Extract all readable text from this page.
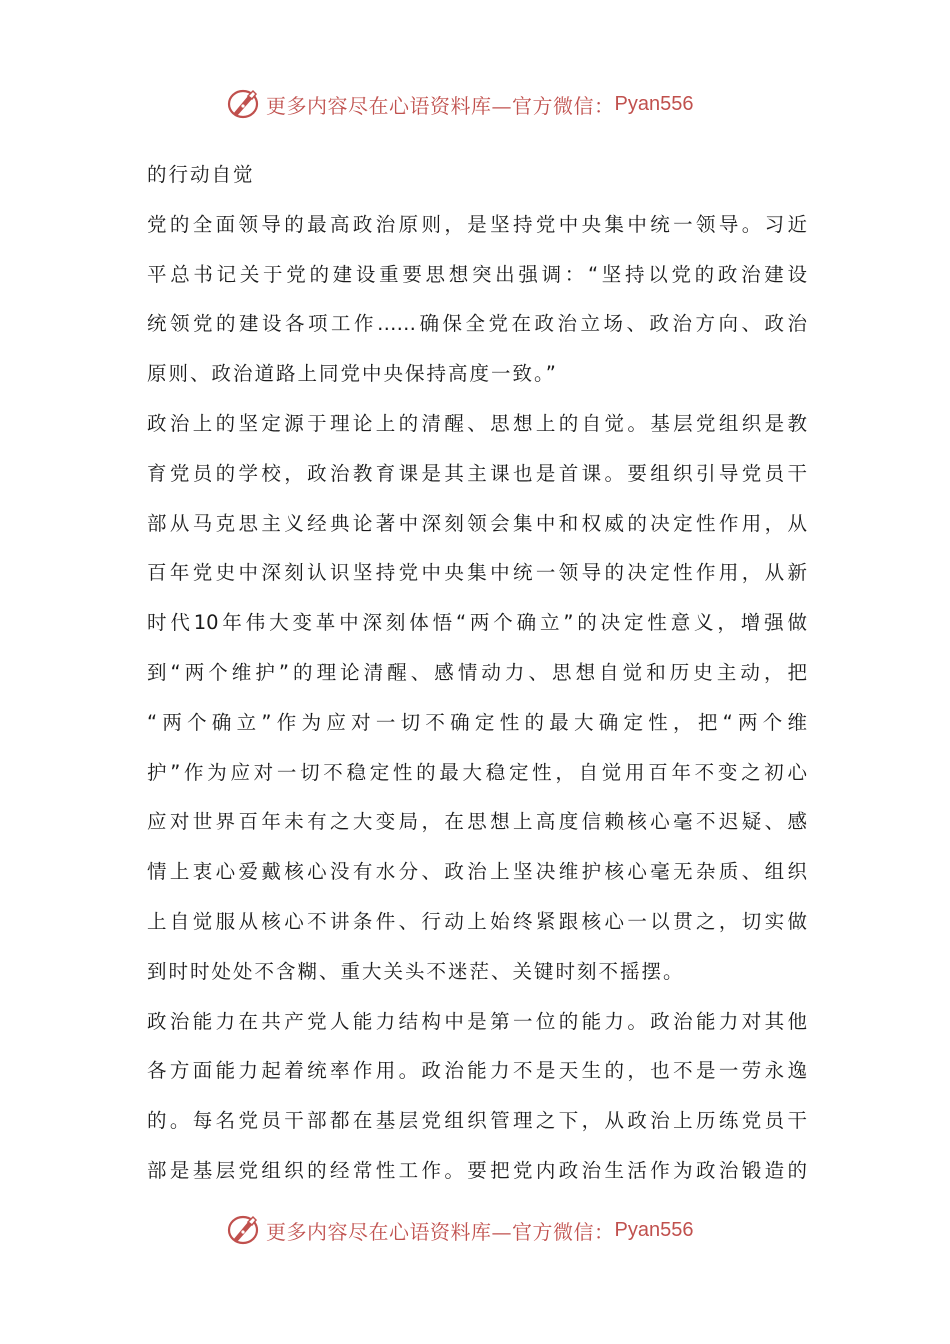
更多内容尽在心语资料库—官方微信： Pyan556
的行动自觉
党的全面领导的最高政治原则，是坚持党中央集中统一领导。习近
平总书记关于党的建设重要思想突出强调：“坚持以党的政治建设
统领党的建设各项工作……确保全党在政治立场、政治方向、政治
原则、政治道路上同党中央保持高度一致。”
政治上的坚定源于理论上的清醒、思想上的自觉。基层党组织是教
育党员的学校，政治教育课是其主课也是首课。要组织引导党员干
部从马克思主义经典论著中深刻领会集中和权威的决定性作用，从
百年党史中深刻认识坚持党中央集中统一领导的决定性作用，从新
时代10年伟大变革中深刻体悟“两个确立”的决定性意义，增强做
到“两个维护”的理论清醒、感情动力、思想自觉和历史主动，把
“两个确立”作为应对一切不确定性的最大确定性，把“两个维
护”作为应对一切不稳定性的最大稳定性，自觉用百年不变之初心
应对世界百年未有之大变局，在思想上高度信赖核心毫不迟疑、感
情上衷心爱戴核心没有水分、政治上坚决维护核心毫无杂质、组织
上自觉服从核心不讲条件、行动上始终紧跟核心一以贯之，切实做
到时时处处不含糊、重大关头不迷茫、关键时刻不摇摆。
政治能力在共产党人能力结构中是第一位的能力。政治能力对其他
各方面能力起着统率作用。政治能力不是天生的，也不是一劳永逸
的。每名党员干部都在基层党组织管理之下，从政治上历练党员干
部是基层党组织的经常性工作。要把党内政治生活作为政治锻造的
更多内容尽在心语资料库—官方微信： Pyan556
